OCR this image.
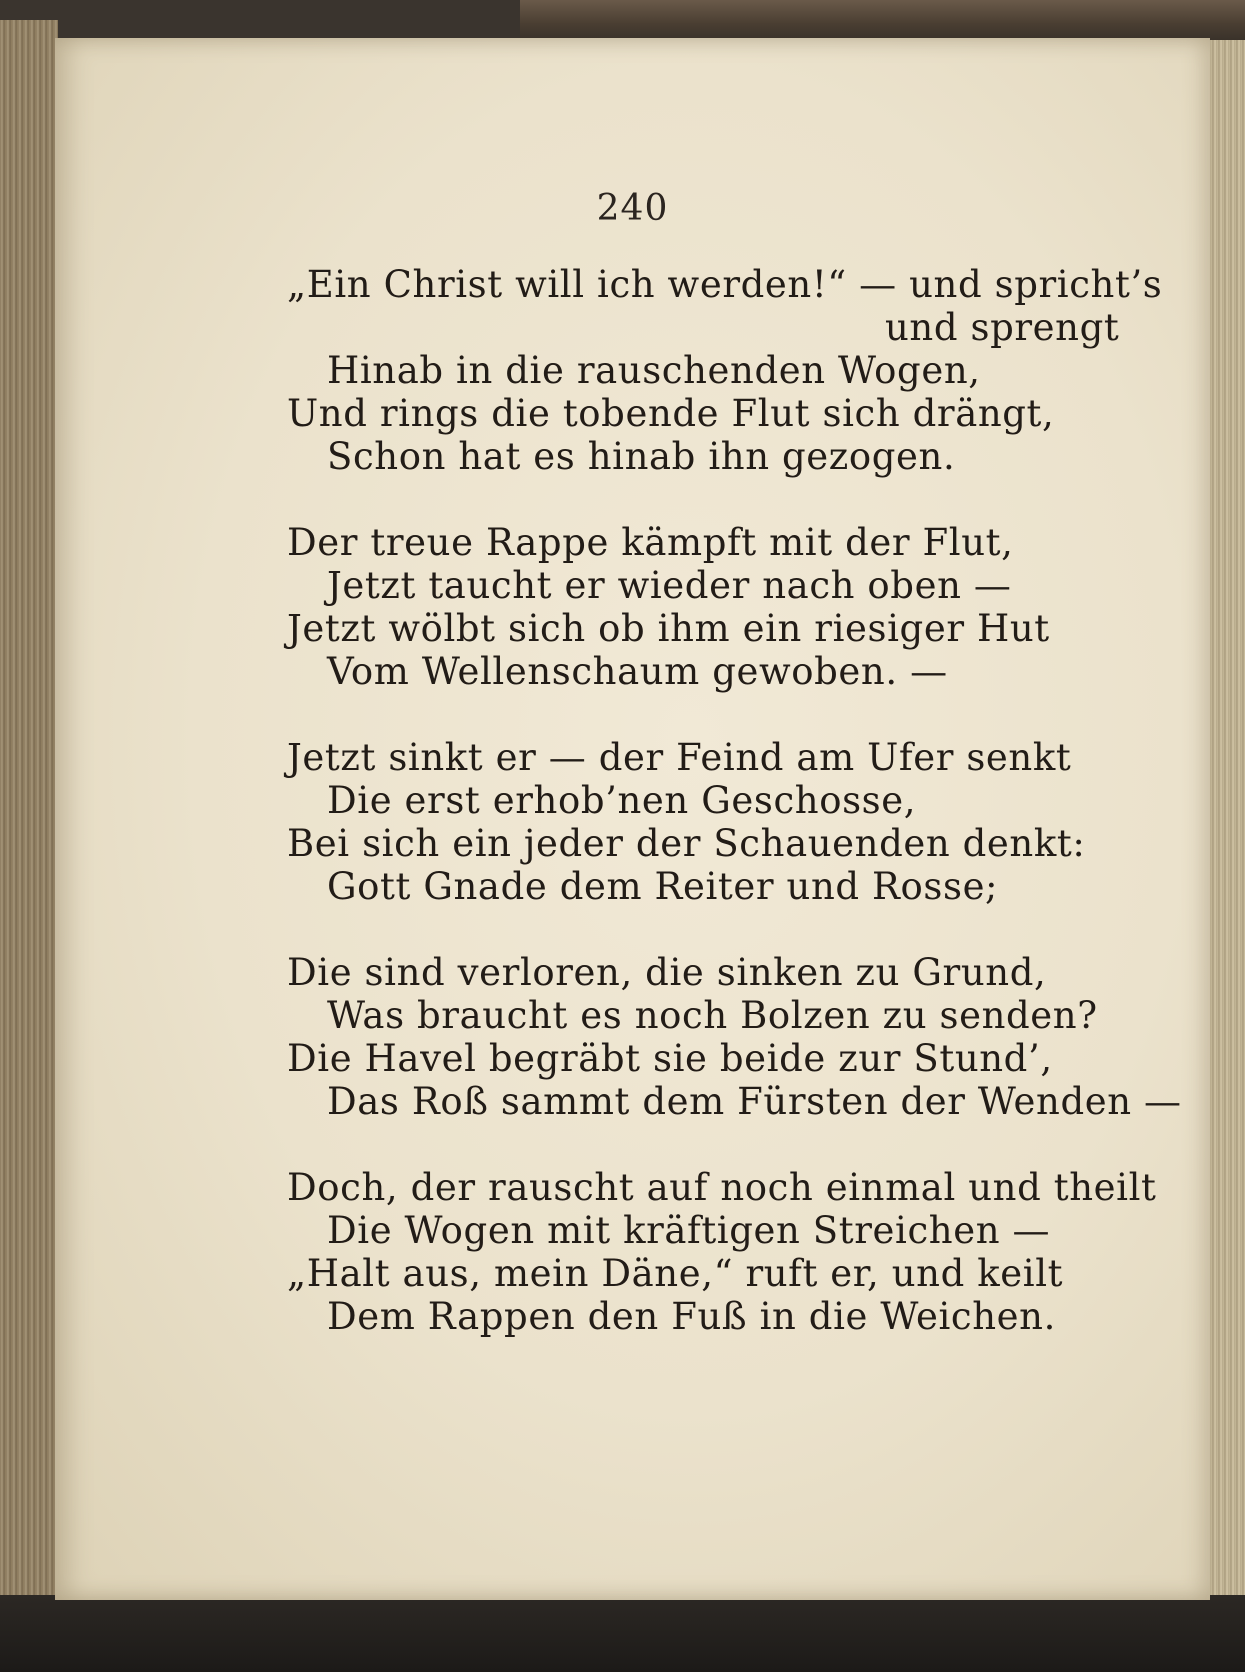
240
„Ein Christ will ich werden!“ — und spricht’s
und sprengt
Hinab in die rauschenden Wogen,
Und rings die tobende Flut sich drängt,
Schon hat es hinab ihn gezogen.
Der treue Rappe kämpft mit der Flut,
Jetzt taucht er wieder nach oben —
Jetzt wölbt sich ob ihm ein riesiger Hut
Vom Wellenschaum gewoben. —
Jetzt sinkt er — der Feind am Ufer senkt
Die erst erhob’nen Geschosse,
Bei sich ein jeder der Schauenden denkt:
Gott Gnade dem Reiter und Rosse;
Die sind verloren, die sinken zu Grund,
Was braucht es noch Bolzen zu senden?
Die Havel begräbt sie beide zur Stund’,
Das Roß sammt dem Fürsten der Wenden —
Doch, der rauscht auf noch einmal und theilt
Die Wogen mit kräftigen Streichen —
„Halt aus, mein Däne,“ ruft er, und keilt
Dem Rappen den Fuß in die Weichen.
